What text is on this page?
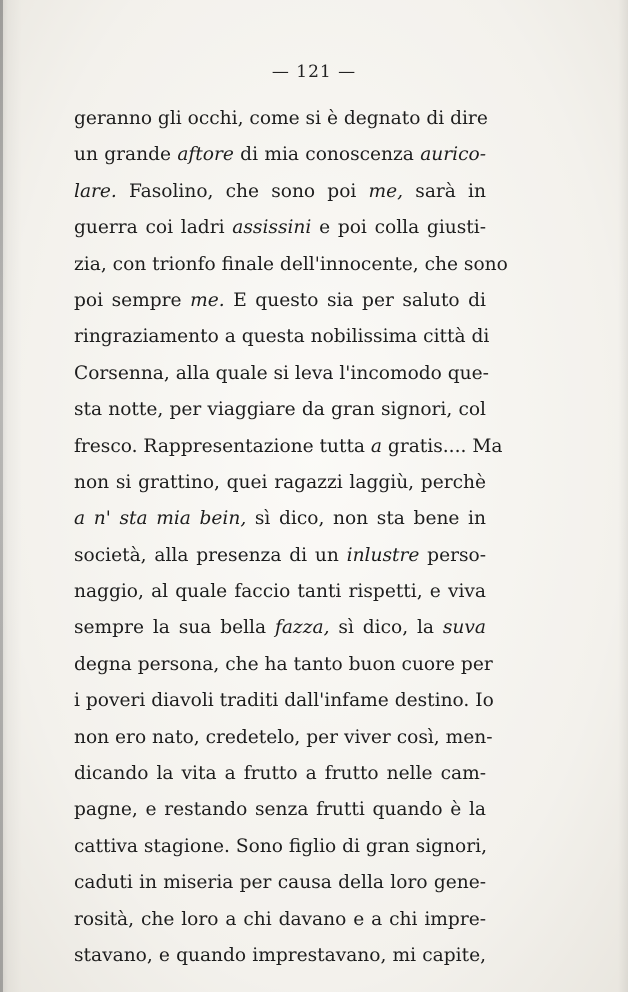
— 121 —
geranno gli occhi, come si è degnato di dire
un grande aftore di mia conoscenza aurico-
lare. Fasolino, che sono poi me, sarà in
guerra coi ladri assissini e poi colla giusti-
zia, con trionfo finale dell'innocente, che sono
poi sempre me. E questo sia per saluto di
ringraziamento a questa nobilissima città di
Corsenna, alla quale si leva l'incomodo que-
sta notte, per viaggiare da gran signori, col
fresco. Rappresentazione tutta a gratis.... Ma
non si grattino, quei ragazzi laggiù, perchè
a n' sta mia bein, sì dico, non sta bene in
società, alla presenza di un inlustre perso-
naggio, al quale faccio tanti rispetti, e viva
sempre la sua bella fazza, sì dico, la suva
degna persona, che ha tanto buon cuore per
i poveri diavoli traditi dall'infame destino. Io
non ero nato, credetelo, per viver così, men-
dicando la vita a frutto a frutto nelle cam-
pagne, e restando senza frutti quando è la
cattiva stagione. Sono figlio di gran signori,
caduti in miseria per causa della loro gene-
rosità, che loro a chi davano e a chi impre-
stavano, e quando imprestavano, mi capite,
